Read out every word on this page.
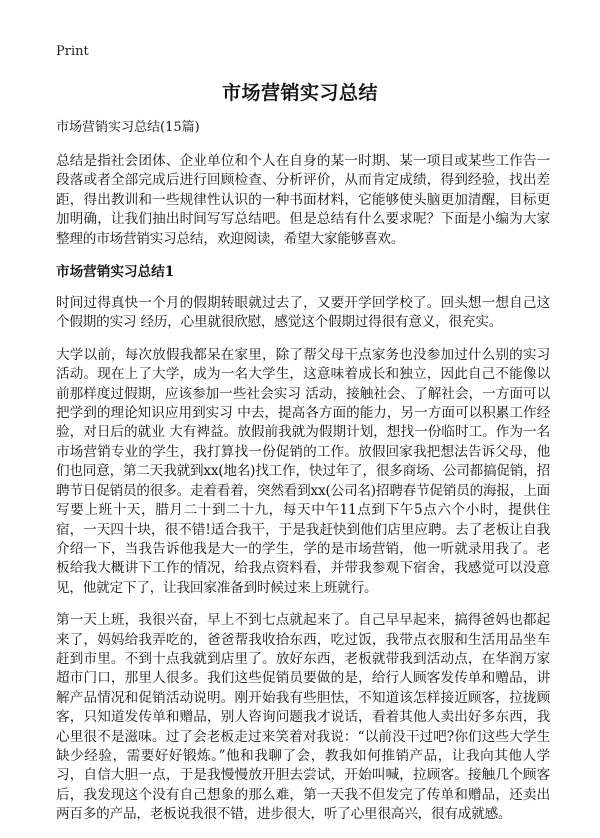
Print
市场营销实习总结
市场营销实习总结(15篇)

总结是指社会团体、企业单位和个人在自身的某一时期、某一项目或某些工作告一段落或者全部完成后进行回顾检查、分析评价，从而肯定成绩，得到经验，找出差距，得出教训和一些规律性认识的一种书面材料，它能够使头脑更加清醒，目标更加明确，让我们抽出时间写写总结吧。但是总结有什么要求呢？下面是小编为大家整理的市场营销实习总结，欢迎阅读，希望大家能够喜欢。

市场营销实习总结1

时间过得真快一个月的假期转眼就过去了，又要开学回学校了。回头想一想自己这个假期的实习 经历，心里就很欣慰，感觉这个假期过得很有意义，很充实。

大学以前，每次放假我都呆在家里，除了帮父母干点家务也没参加过什么别的实习活动。现在上了大学，成为一名大学生，这意味着成长和独立，因此自己不能像以前那样度过假期，应该参加一些社会实习 活动，接触社会、了解社会，一方面可以把学到的理论知识应用到实习 中去，提高各方面的能力，另一方面可以积累工作经验，对日后的就业 大有裨益。放假前我就为假期计划，想找一份临时工。作为一名市场营销专业的学生，我打算找一份促销的工作。放假回家我把想法告诉父母，他们也同意，第二天我就到xx(地名)找工作，快过年了，很多商场、公司都搞促销，招聘节日促销员的很多。走着看着，突然看到xx(公司名)招聘春节促销员的海报，上面写要上班十天，腊月二十到二十九，每天中午11点到下午5点六个小时，提供住宿，一天四十块，很不错!适合我干，于是我赶快到他们店里应聘。去了老板让自我介绍一下，当我告诉他我是大一的学生，学的是市场营销，他一听就录用我了。老板给我大概讲下工作的情况，给我点资料看，并带我参观下宿舍，我感觉可以没意见，他就定下了，让我回家准备到时候过来上班就行。

第一天上班，我很兴奋，早上不到七点就起来了。自己早早起来，搞得爸妈也都起来了，妈妈给我弄吃的，爸爸帮我收拾东西，吃过饭，我带点衣服和生活用品坐车赶到市里。不到十点我就到店里了。放好东西，老板就带我到活动点，在华润万家超市门口，那里人很多。我们这些促销员要做的是，给行人顾客发传单和赠品，讲解产品情况和促销活动说明。刚开始我有些胆怯，不知道该怎样接近顾客，拉拢顾客，只知道发传单和赠品，别人咨询问题我才说话，看着其他人卖出好多东西，我心里很不是滋味。过了会老板走过来笑着对我说：“以前没干过吧?你们这些大学生缺少经验，需要好好锻炼。”他和我聊了会，教我如何推销产品，让我向其他人学习，自信大胆一点，于是我慢慢放开胆去尝试，开始叫喊，拉顾客。接触几个顾客后，我发现这个没有自己想象的那么难，第一天我不但发完了传单和赠品，还卖出两百多的产品，老板说我很不错，进步很大，听了心里很高兴，很有成就感。
